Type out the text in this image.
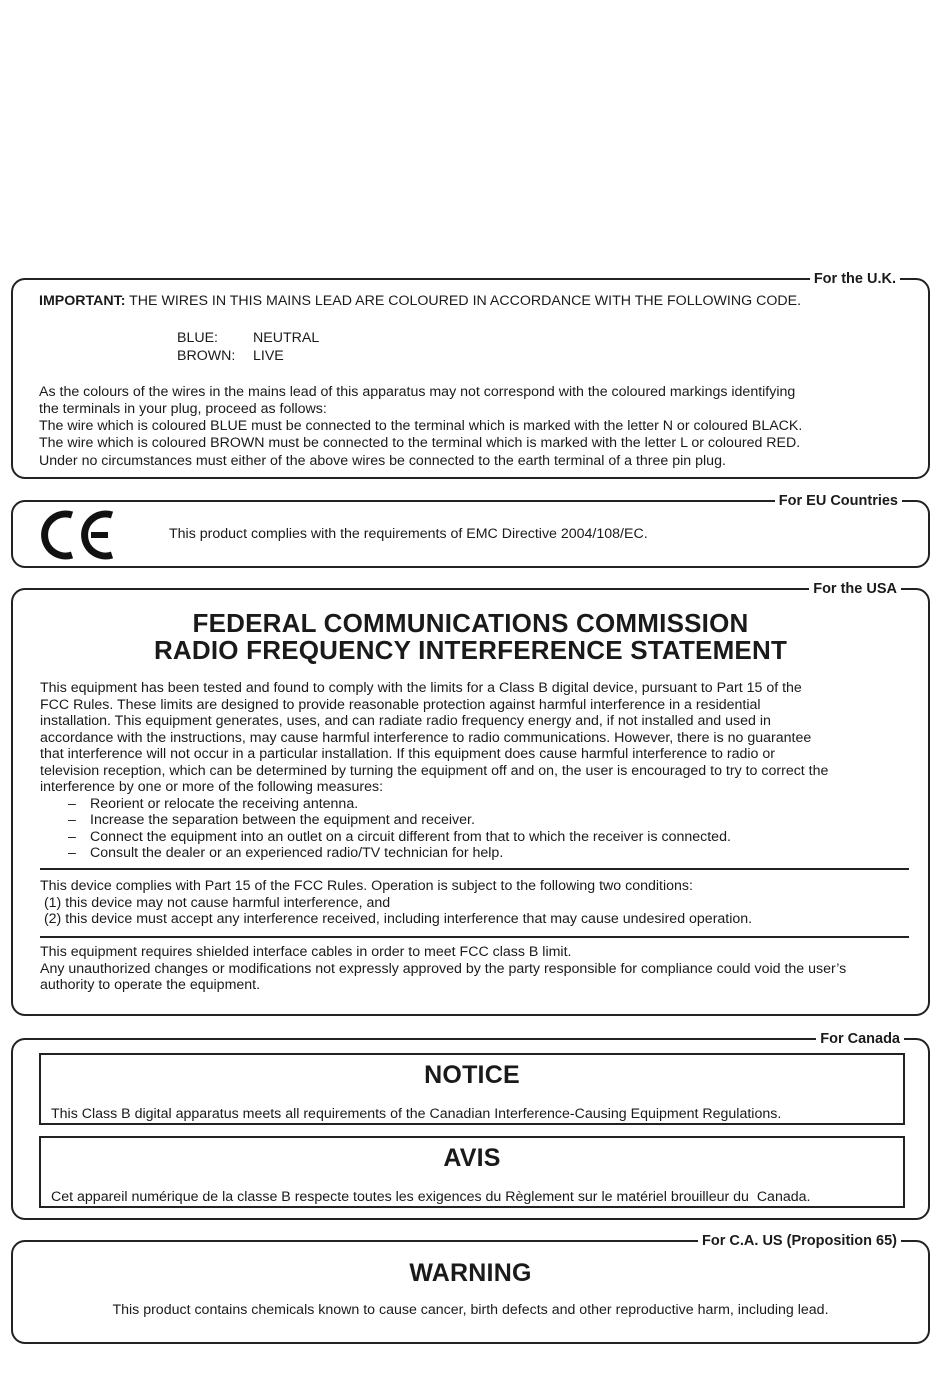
For the U.K.
IMPORTANT: THE WIRES IN THIS MAINS LEAD ARE COLOURED IN ACCORDANCE WITH THE FOLLOWING CODE.
BLUE: NEUTRAL
BROWN: LIVE
As the colours of the wires in the mains lead of this apparatus may not correspond with the coloured markings identifying
the terminals in your plug, proceed as follows:
The wire which is coloured BLUE must be connected to the terminal which is marked with the letter N or coloured BLACK.
The wire which is coloured BROWN must be connected to the terminal which is marked with the letter L or coloured RED.
Under no circumstances must either of the above wires be connected to the earth terminal of a three pin plug.
For EU Countries
This product complies with the requirements of EMC Directive 2004/108/EC.
For the USA
FEDERAL COMMUNICATIONS COMMISSION
RADIO FREQUENCY INTERFERENCE STATEMENT
This equipment has been tested and found to comply with the limits for a Class B digital device, pursuant to Part 15 of the
FCC Rules. These limits are designed to provide reasonable protection against harmful interference in a residential
installation. This equipment generates, uses, and can radiate radio frequency energy and, if not installed and used in
accordance with the instructions, may cause harmful interference to radio communications. However, there is no guarantee
that interference will not occur in a particular installation. If this equipment does cause harmful interference to radio or
television reception, which can be determined by turning the equipment off and on, the user is encouraged to try to correct the
interference by one or more of the following measures:
– Reorient or relocate the receiving antenna.
– Increase the separation between the equipment and receiver.
– Connect the equipment into an outlet on a circuit different from that to which the receiver is connected.
– Consult the dealer or an experienced radio/TV technician for help.
This device complies with Part 15 of the FCC Rules. Operation is subject to the following two conditions:
(1) this device may not cause harmful interference, and
(2) this device must accept any interference received, including interference that may cause undesired operation.
This equipment requires shielded interface cables in order to meet FCC class B limit.
Any unauthorized changes or modifications not expressly approved by the party responsible for compliance could void the user’s
authority to operate the equipment.
For Canada
NOTICE
This Class B digital apparatus meets all requirements of the Canadian Interference-Causing Equipment Regulations.
AVIS
Cet appareil numérique de la classe B respecte toutes les exigences du Règlement sur le matériel brouilleur du  Canada.
For C.A. US (Proposition 65)
WARNING
This product contains chemicals known to cause cancer, birth defects and other reproductive harm, including lead.
